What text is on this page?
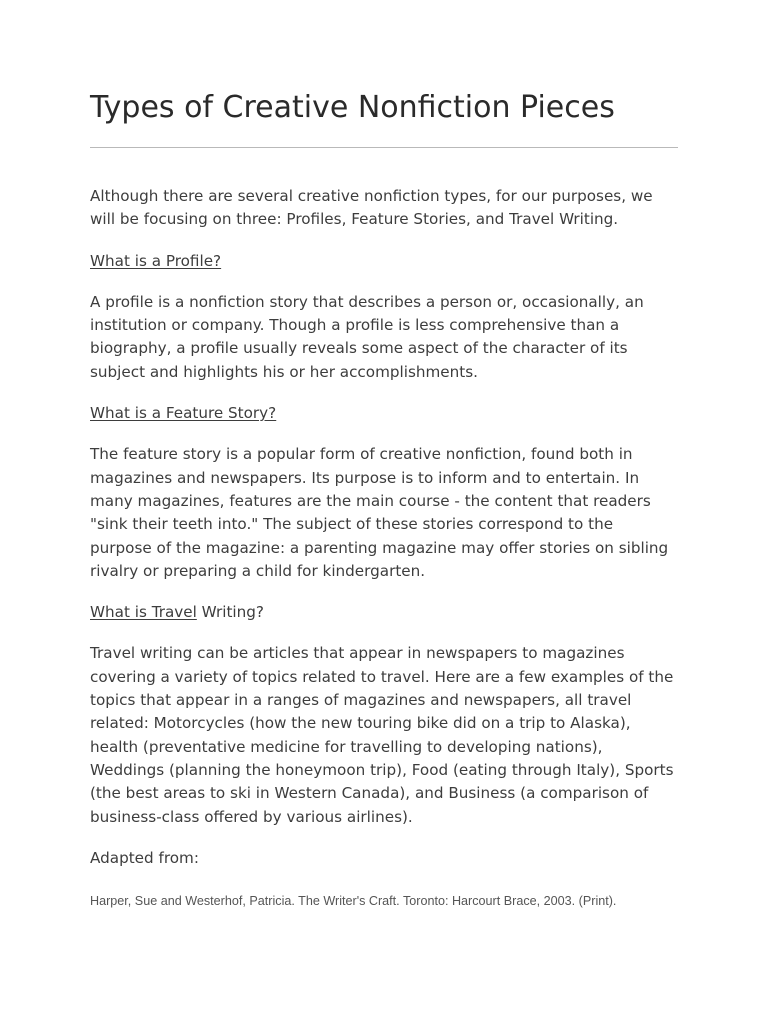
Types of Creative Nonfiction Pieces

Although there are several creative nonfiction types, for our purposes, we will be focusing on three: Profiles, Feature Stories, and Travel Writing.

What is a Profile?

A profile is a nonfiction story that describes a person or, occasionally, an institution or company. Though a profile is less comprehensive than a biography, a profile usually reveals some aspect of the character of its subject and highlights his or her accomplishments.

What is a Feature Story?

The feature story is a popular form of creative nonfiction, found both in magazines and newspapers. Its purpose is to inform and to entertain. In many magazines, features are the main course - the content that readers "sink their teeth into." The subject of these stories correspond to the purpose of the magazine: a parenting magazine may offer stories on sibling rivalry or preparing a child for kindergarten.

What is Travel Writing?

Travel writing can be articles that appear in newspapers to magazines covering a variety of topics related to travel. Here are a few examples of the topics that appear in a ranges of magazines and newspapers, all travel related: Motorcycles (how the new touring bike did on a trip to Alaska), health (preventative medicine for travelling to developing nations), Weddings (planning the honeymoon trip), Food (eating through Italy), Sports (the best areas to ski in Western Canada), and Business (a comparison of business-class offered by various airlines).

Adapted from:

Harper, Sue and Westerhof, Patricia. The Writer's Craft. Toronto: Harcourt Brace, 2003. (Print).
